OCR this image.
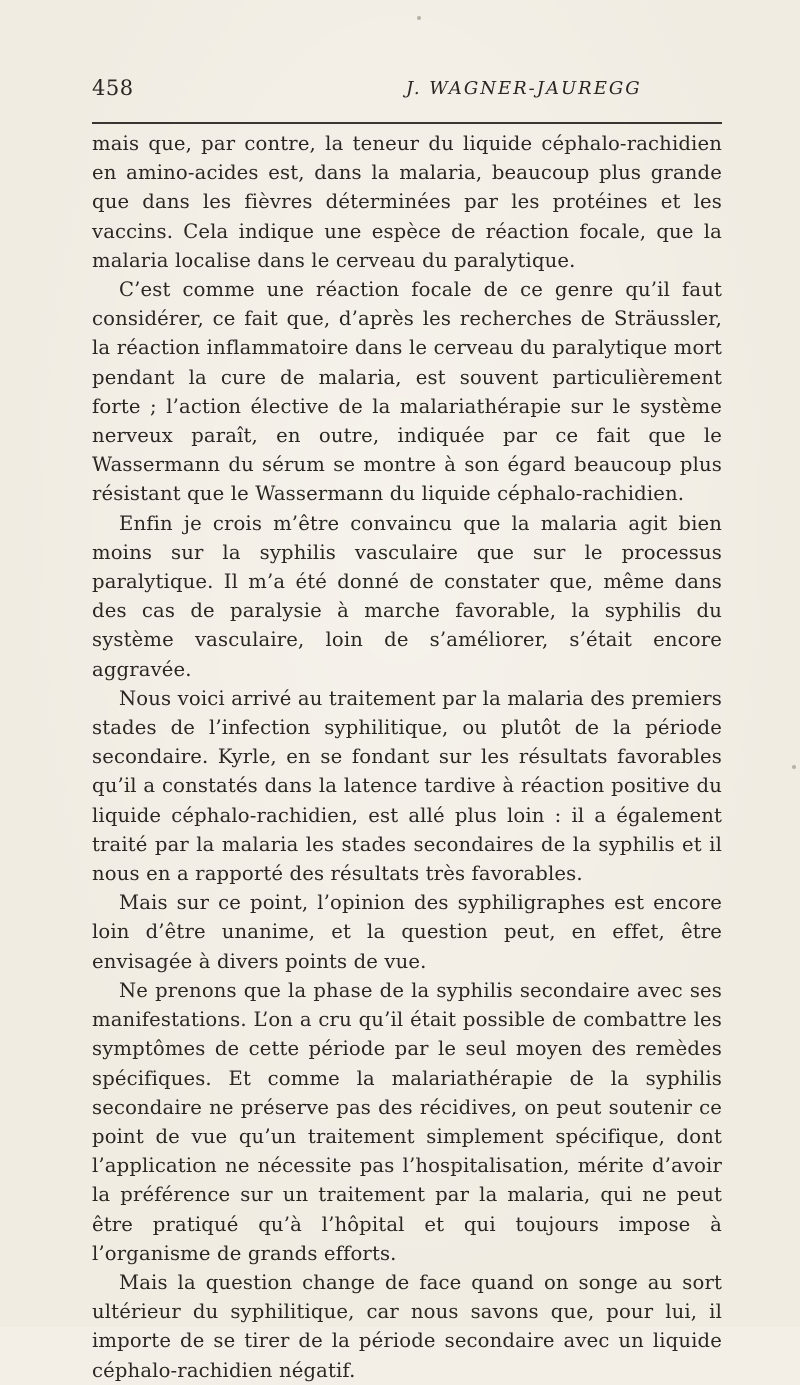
458	J. WAGNER-JAUREGG

mais que, par contre, la teneur du liquide céphalo-rachidien en amino-acides est, dans la malaria, beaucoup plus grande que dans les fièvres déterminées par les protéines et les vaccins. Cela indique une espèce de réaction focale, que la malaria localise dans le cerveau du paralytique.

C’est comme une réaction focale de ce genre qu’il faut considérer, ce fait que, d’après les recherches de Sträussler, la réaction inflammatoire dans le cerveau du paralytique mort pendant la cure de malaria, est souvent particulièrement forte ; l’action élective de la malariathérapie sur le système nerveux paraît, en outre, indiquée par ce fait que le Wassermann du sérum se montre à son égard beaucoup plus résistant que le Wassermann du liquide céphalo-rachidien.

Enfin je crois m’être convaincu que la malaria agit bien moins sur la syphilis vasculaire que sur le processus paralytique. Il m’a été donné de constater que, même dans des cas de paralysie à marche favorable, la syphilis du système vasculaire, loin de s’améliorer, s’était encore aggravée.

Nous voici arrivé au traitement par la malaria des premiers stades de l’infection syphilitique, ou plutôt de la période secondaire. Kyrle, en se fondant sur les résultats favorables qu’il a constatés dans la latence tardive à réaction positive du liquide céphalo-rachidien, est allé plus loin : il a également traité par la malaria les stades secondaires de la syphilis et il nous en a rapporté des résultats très favorables.

Mais sur ce point, l’opinion des syphiligraphes est encore loin d’être unanime, et la question peut, en effet, être envisagée à divers points de vue.

Ne prenons que la phase de la syphilis secondaire avec ses manifestations. L’on a cru qu’il était possible de combattre les symptômes de cette période par le seul moyen des remèdes spécifiques. Et comme la malariathérapie de la syphilis secondaire ne préserve pas des récidives, on peut soutenir ce point de vue qu’un traitement simplement spécifique, dont l’application ne nécessite pas l’hospitalisation, mérite d’avoir la préférence sur un traitement par la malaria, qui ne peut être pratiqué qu’à l’hôpital et qui toujours impose à l’organisme de grands efforts.

Mais la question change de face quand on songe au sort ultérieur du syphilitique, car nous savons que, pour lui, il importe de se tirer de la période secondaire avec un liquide céphalo-rachidien négatif.
